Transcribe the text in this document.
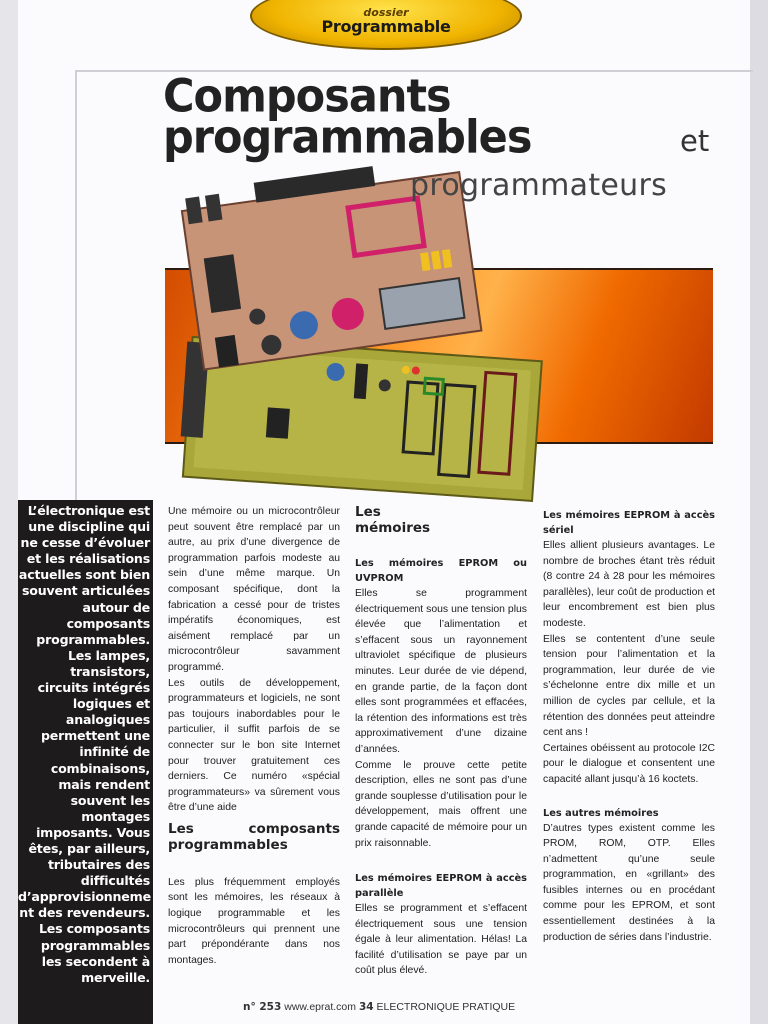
dossier
Programmable
Composants
programmables	et
programmateurs
L’électronique est une discipline qui ne cesse d’évoluer et les réalisations actuelles sont bien souvent articulées autour de composants programmables. Les lampes, transistors, circuits intégrés logiques et analogiques permettent une infinité de combinaisons, mais rendent souvent les montages imposants. Vous êtes, par ailleurs, tributaires des difficultés d’approvisionneme nt des revendeurs. Les composants programmables les secondent à merveille.

Une mémoire ou un microcontrôleur peut souvent être remplacé par un autre, au prix d’une divergence de programmation parfois modeste au sein d’une même marque. Un composant spécifique, dont la fabrication a cessé pour de tristes impératifs économiques, est aisément remplacé par un microcontrôleur savamment programmé.

Les outils de développement, programmateurs et logiciels, ne sont pas toujours inabordables pour le particulier, il suffit parfois de se connecter sur le bon site Internet pour trouver gratuitement ces derniers. Ce numéro «spécial programmateurs» va sûrement vous être d’une aide

Les composants programmables

Les plus fréquemment employés sont les mémoires, les réseaux à logique programmable et les microcontrôleurs qui prennent une part prépondérante dans nos montages.

Les mémoires

Les mémoires EPROM ou UVPROM

Elles se programment électriquement sous une tension plus élevée que l’alimentation et s’effacent sous un rayonnement ultraviolet spécifique de plusieurs minutes. Leur durée de vie dépend, en grande partie, de la façon dont elles sont programmées et effacées, la rétention des informations est très approximativement d’une dizaine d’années.

Comme le prouve cette petite description, elles ne sont pas d’une grande souplesse d’utilisation pour le développement, mais offrent une grande capacité de mémoire pour un prix raisonnable.

Les mémoires EEPROM à accès parallèle

Elles se programment et s’effacent électriquement sous une tension égale à leur alimentation. Hélas! La facilité d’utilisation se paye par un coût plus élevé.

Les mémoires EEPROM à accès sériel

Elles allient plusieurs avantages. Le nombre de broches étant très réduit (8 contre 24 à 28 pour les mémoires parallèles), leur coût de production et leur encombrement est bien plus modeste.

Elles se contentent d’une seule tension pour l’alimentation et la programmation, leur durée de vie s’échelonne entre dix mille et un million de cycles par cellule, et la rétention des données peut atteindre cent ans !

Certaines obéissent au protocole I2C pour le dialogue et consentent une capacité allant jusqu’à 16 koctets.

Les autres mémoires

D’autres types existent comme les PROM, ROM, OTP. Elles n’admettent qu’une seule programmation, en «grillant» des fusibles internes ou en procédant comme pour les EPROM, et sont essentiellement destinées à la production de séries dans l’industrie.

n° 253 www.eprat.com 34 ELECTRONIQUE PRATIQUE
